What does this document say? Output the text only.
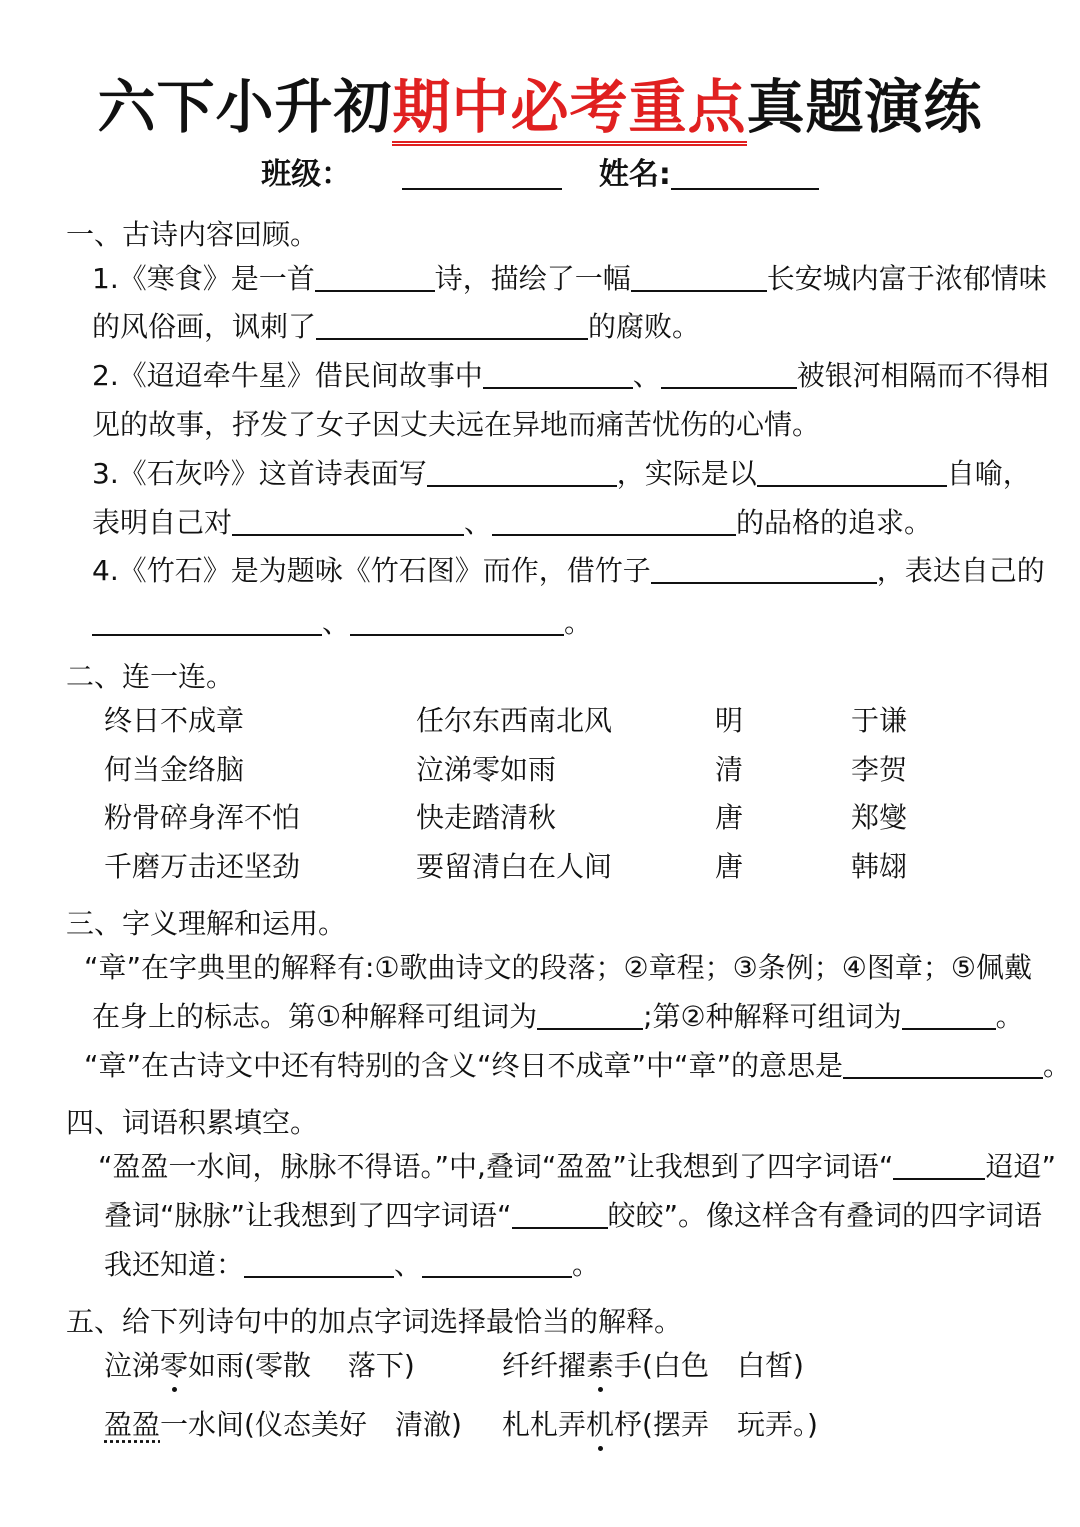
六下小升初期中必考重点真题演练
班级：	姓名:
一、古诗内容回顾。
1.《寒食》是一首	诗，描绘了一幅	长安城内富于浓郁情味
的风俗画，讽刺了	的腐败。
2.《迢迢牵牛星》借民间故事中	、	被银河相隔而不得相
见的故事，抒发了女子因丈夫远在异地而痛苦忧伤的心情。
3.《石灰吟》这首诗表面写	，实际是以	自喻，
表明自己对	、	的品格的追求。
4.《竹石》是为题咏《竹石图》而作，借竹子	，表达自己的
、	。
二、连一连。
终日不成章	任尔东西南北风	明	于谦
何当金络脑	泣涕零如雨	清	李贺
粉骨碎身浑不怕	快走踏清秋	唐	郑燮
千磨万击还坚劲	要留清白在人间	唐	韩翃
三、字义理解和运用。
“章”在字典里的解释有:①歌曲诗文的段落；②章程；③条例；④图章；⑤佩戴
在身上的标志。第①种解释可组词为	;第②种解释可组词为	。
“章”在古诗文中还有特别的含义“终日不成章”中“章”的意思是	。
四、词语积累填空。
“盈盈一水间，脉脉不得语。”中,叠词“盈盈”让我想到了四字词语“	迢迢”
叠词“脉脉”让我想到了四字词语“	皎皎”。像这样含有叠词的四字词语
我还知道：	、	。
五、给下列诗句中的加点字词选择最恰当的解释。
泣涕零如雨(零散　 落下)	纤纤擢素手(白色　白皙)
盈盈一水间(仪态美好　清澈) 札札弄机杼(摆弄　玩弄。)
